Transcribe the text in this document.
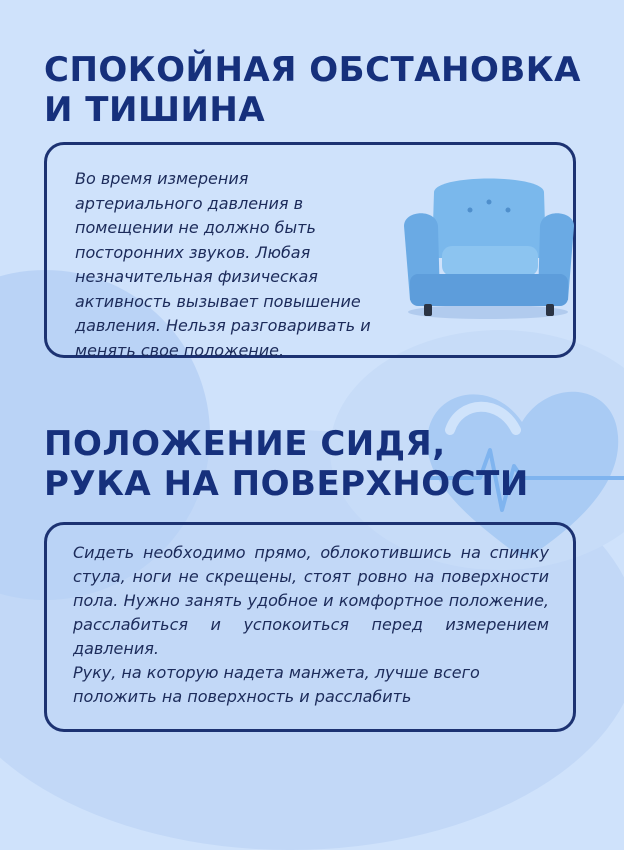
СПОКОЙНАЯ ОБСТАНОВКА
И ТИШИНА
Во время измерения артериального давления в помещении не должно быть посторонних звуков. Любая незначительная физическая активность вызывает повышение давления. Нельзя разговаривать и менять свое положение.
ПОЛОЖЕНИЕ СИДЯ,
РУКА НА ПОВЕРХНОСТИ

Сидеть необходимо прямо, облокотившись на спинку стула, ноги не скрещены, стоят ровно на поверхности пола. Нужно занять удобное и комфортное положение, расслабиться и успокоиться перед измерением давления.

Руку, на которую надета манжета, лучше всего положить на поверхность и расслабить
